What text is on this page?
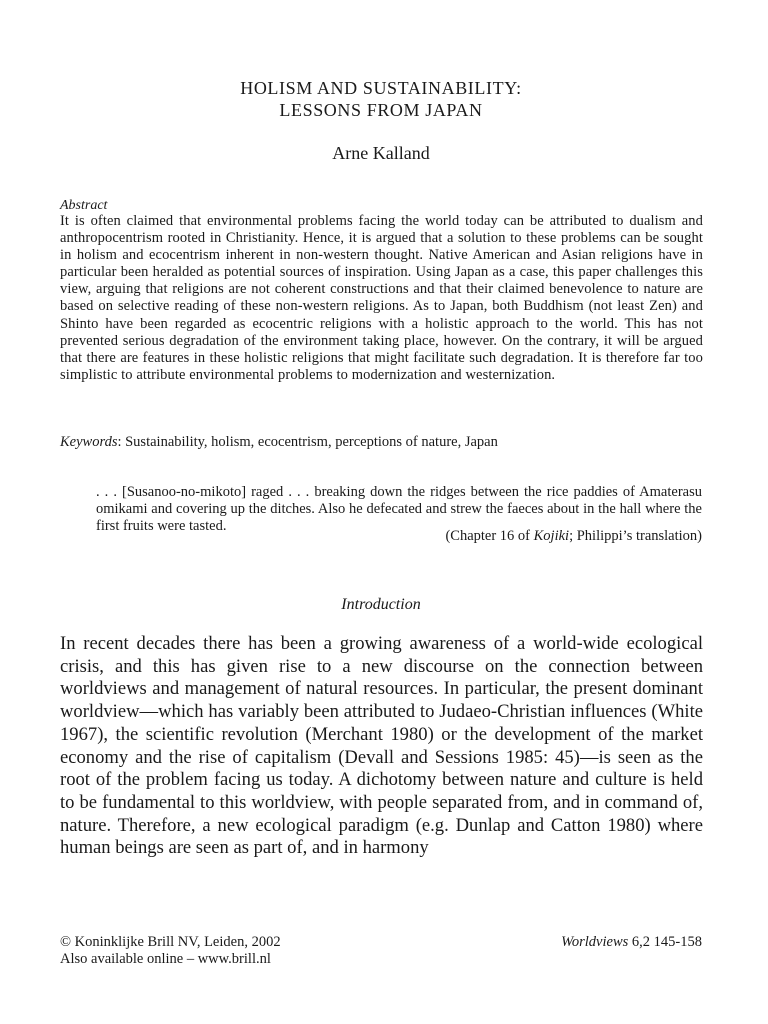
HOLISM AND SUSTAINABILITY:
LESSONS FROM JAPAN
Arne Kalland
Abstract

It is often claimed that environmental problems facing the world today can be attributed to dualism and anthropocentrism rooted in Christianity. Hence, it is argued that a solution to these problems can be sought in holism and ecocentrism inherent in non-western thought. Native American and Asian religions have in particular been heralded as potential sources of inspiration. Using Japan as a case, this paper challenges this view, arguing that religions are not coherent constructions and that their claimed benevolence to nature are based on selective reading of these non-western religions. As to Japan, both Buddhism (not least Zen) and Shinto have been regarded as ecocentric religions with a holistic approach to the world. This has not prevented serious degradation of the environment taking place, however. On the contrary, it will be argued that there are features in these holistic religions that might facilitate such degradation. It is therefore far too simplistic to attribute environmental problems to modernization and westernization.

Keywords: Sustainability, holism, ecocentrism, perceptions of nature, Japan

. . . [Susanoo-no-mikoto] raged . . . breaking down the ridges between the rice paddies of Amaterasu omikami and covering up the ditches. Also he defecated and strew the faeces about in the hall where the first fruits were tasted.

(Chapter 16 of Kojiki; Philippi’s translation)
Introduction

In recent decades there has been a growing awareness of a world-wide ecological crisis, and this has given rise to a new discourse on the connection between worldviews and management of natural resources. In particular, the present dominant worldview—which has variably been attributed to Judaeo-Christian influences (White 1967), the scientific revolution (Merchant 1980) or the development of the market economy and the rise of capitalism (Devall and Sessions 1985: 45)—is seen as the root of the problem facing us today. A dichotomy between nature and culture is held to be fundamental to this worldview, with people separated from, and in command of, nature. Therefore, a new ecological paradigm (e.g. Dunlap and Catton 1980) where human beings are seen as part of, and in harmony

© Koninklijke Brill NV, Leiden, 2002
Also available online – www.brill.nl
Worldviews 6,2 145-158
